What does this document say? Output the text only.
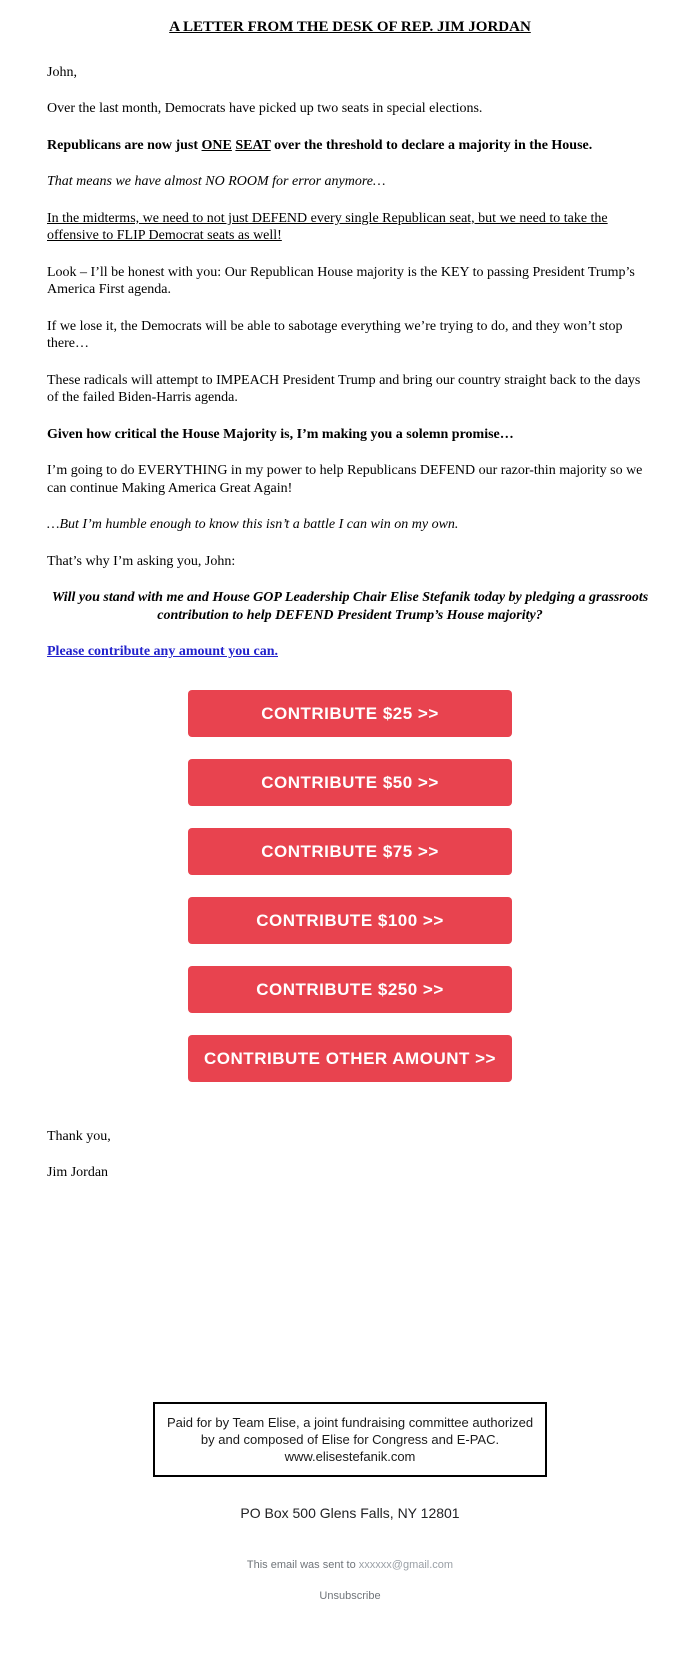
A LETTER FROM THE DESK OF REP. JIM JORDAN

John,

Over the last month, Democrats have picked up two seats in special elections.

Republicans are now just ONE SEAT over the threshold to declare a majority in the House.

That means we have almost NO ROOM for error anymore…

In the midterms, we need to not just DEFEND every single Republican seat, but we need to take the offensive to FLIP Democrat seats as well!

Look – I’ll be honest with you: Our Republican House majority is the KEY to passing President Trump’s America First agenda.

If we lose it, the Democrats will be able to sabotage everything we’re trying to do, and they won’t stop there…

These radicals will attempt to IMPEACH President Trump and bring our country straight back to the days of the failed Biden-Harris agenda.

Given how critical the House Majority is, I’m making you a solemn promise…

I’m going to do EVERYTHING in my power to help Republicans DEFEND our razor-thin majority so we can continue Making America Great Again!

…But I’m humble enough to know this isn’t a battle I can win on my own.

That’s why I’m asking you, John:

Will you stand with me and House GOP Leadership Chair Elise Stefanik today by pledging a grassroots contribution to help DEFEND President Trump’s House majority?

Please contribute any amount you can.

CONTRIBUTE $25 >>
CONTRIBUTE $50 >>
CONTRIBUTE $75 >>
CONTRIBUTE $100 >>
CONTRIBUTE $250 >>
CONTRIBUTE OTHER AMOUNT >>

Thank you,

Jim Jordan

Paid for by Team Elise, a joint fundraising committee authorized by and composed of Elise for Congress and E-PAC. www.elisestefanik.com
PO Box 500 Glens Falls, NY 12801
This email was sent to xxxxxx@gmail.com
Unsubscribe
